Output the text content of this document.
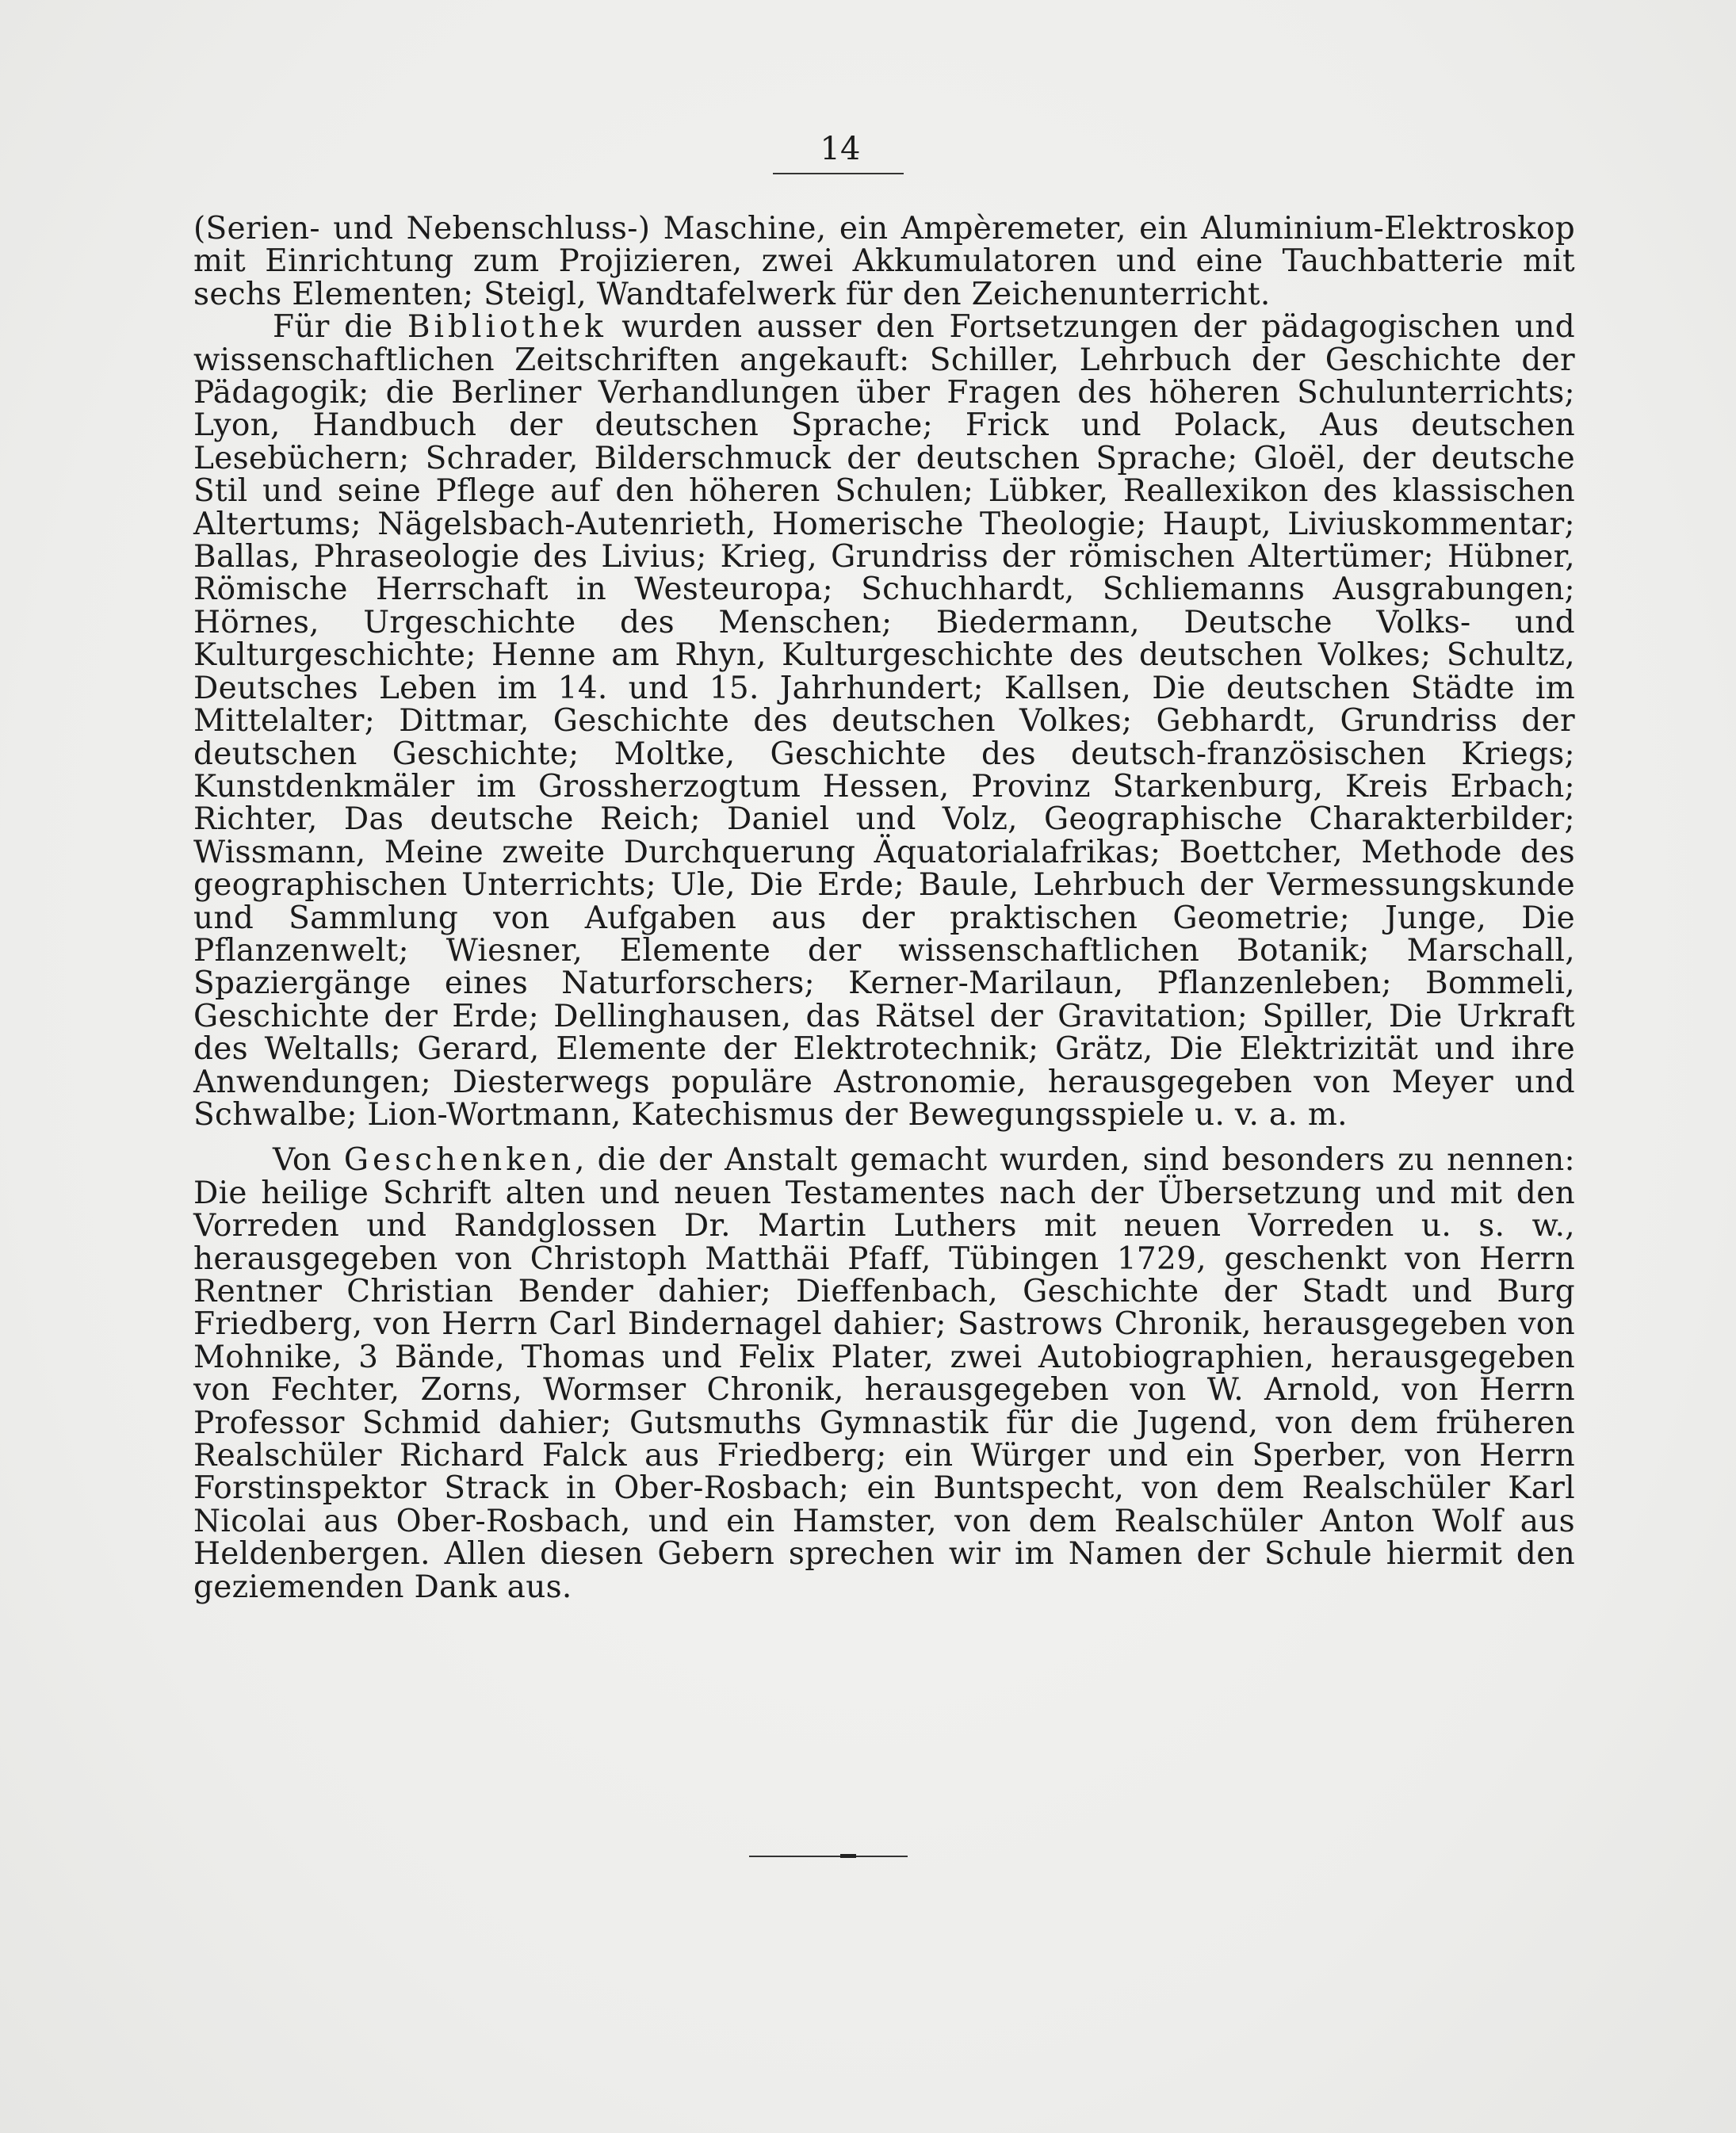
14

(Serien- und Nebenschluss-) Maschine, ein Ampèremeter, ein Aluminium-Elektroskop mit Einrichtung zum Projizieren, zwei Akkumulatoren und eine Tauchbatterie mit sechs Elementen; Steigl, Wandtafelwerk für den Zeichenunterricht.

Für die Bibliothek wurden ausser den Fortsetzungen der pädagogischen und wissenschaftlichen Zeitschriften angekauft: Schiller, Lehrbuch der Geschichte der Pädagogik; die Berliner Verhandlungen über Fragen des höheren Schulunterrichts; Lyon, Handbuch der deutschen Sprache; Frick und Polack, Aus deutschen Lesebüchern; Schrader, Bilderschmuck der deutschen Sprache; Gloël, der deutsche Stil und seine Pflege auf den höheren Schulen; Lübker, Reallexikon des klassischen Altertums; Nägelsbach-Autenrieth, Homerische Theologie; Haupt, Liviuskommentar; Ballas, Phraseologie des Livius; Krieg, Grundriss der römischen Altertümer; Hübner, Römische Herrschaft in Westeuropa; Schuchhardt, Schliemanns Ausgrabungen; Hörnes, Urgeschichte des Menschen; Biedermann, Deutsche Volks- und Kulturgeschichte; Henne am Rhyn, Kulturgeschichte des deutschen Volkes; Schultz, Deutsches Leben im 14. und 15. Jahrhundert; Kallsen, Die deutschen Städte im Mittelalter; Dittmar, Geschichte des deutschen Volkes; Gebhardt, Grundriss der deutschen Geschichte; Moltke, Geschichte des deutsch-französischen Kriegs; Kunstdenkmäler im Grossherzogtum Hessen, Provinz Starkenburg, Kreis Erbach; Richter, Das deutsche Reich; Daniel und Volz, Geographische Charakterbilder; Wissmann, Meine zweite Durchquerung Äquatorialafrikas; Boettcher, Methode des geographischen Unterrichts; Ule, Die Erde; Baule, Lehrbuch der Vermessungskunde und Sammlung von Aufgaben aus der praktischen Geometrie; Junge, Die Pflanzenwelt; Wiesner, Elemente der wissenschaftlichen Botanik; Marschall, Spaziergänge eines Naturforschers; Kerner-Marilaun, Pflanzenleben; Bommeli, Geschichte der Erde; Dellinghausen, das Rätsel der Gravitation; Spiller, Die Urkraft des Weltalls; Gerard, Elemente der Elektrotechnik; Grätz, Die Elektrizität und ihre Anwendungen; Diesterwegs populäre Astronomie, herausgegeben von Meyer und Schwalbe; Lion-Wortmann, Katechismus der Bewegungsspiele u. v. a. m.

Von Geschenken, die der Anstalt gemacht wurden, sind besonders zu nennen: Die heilige Schrift alten und neuen Testamentes nach der Übersetzung und mit den Vorreden und Randglossen Dr. Martin Luthers mit neuen Vorreden u. s. w., herausgegeben von Christoph Matthäi Pfaff, Tübingen 1729, geschenkt von Herrn Rentner Christian Bender dahier; Dieffenbach, Geschichte der Stadt und Burg Friedberg, von Herrn Carl Bindernagel dahier; Sastrows Chronik, herausgegeben von Mohnike, 3 Bände, Thomas und Felix Plater, zwei Autobiographien, herausgegeben von Fechter, Zorns, Wormser Chronik, herausgegeben von W. Arnold, von Herrn Professor Schmid dahier; Gutsmuths Gymnastik für die Jugend, von dem früheren Realschüler Richard Falck aus Friedberg; ein Würger und ein Sperber, von Herrn Forstinspektor Strack in Ober-Rosbach; ein Buntspecht, von dem Realschüler Karl Nicolai aus Ober-Rosbach, und ein Hamster, von dem Realschüler Anton Wolf aus Heldenbergen. Allen diesen Gebern sprechen wir im Namen der Schule hiermit den geziemenden Dank aus.
